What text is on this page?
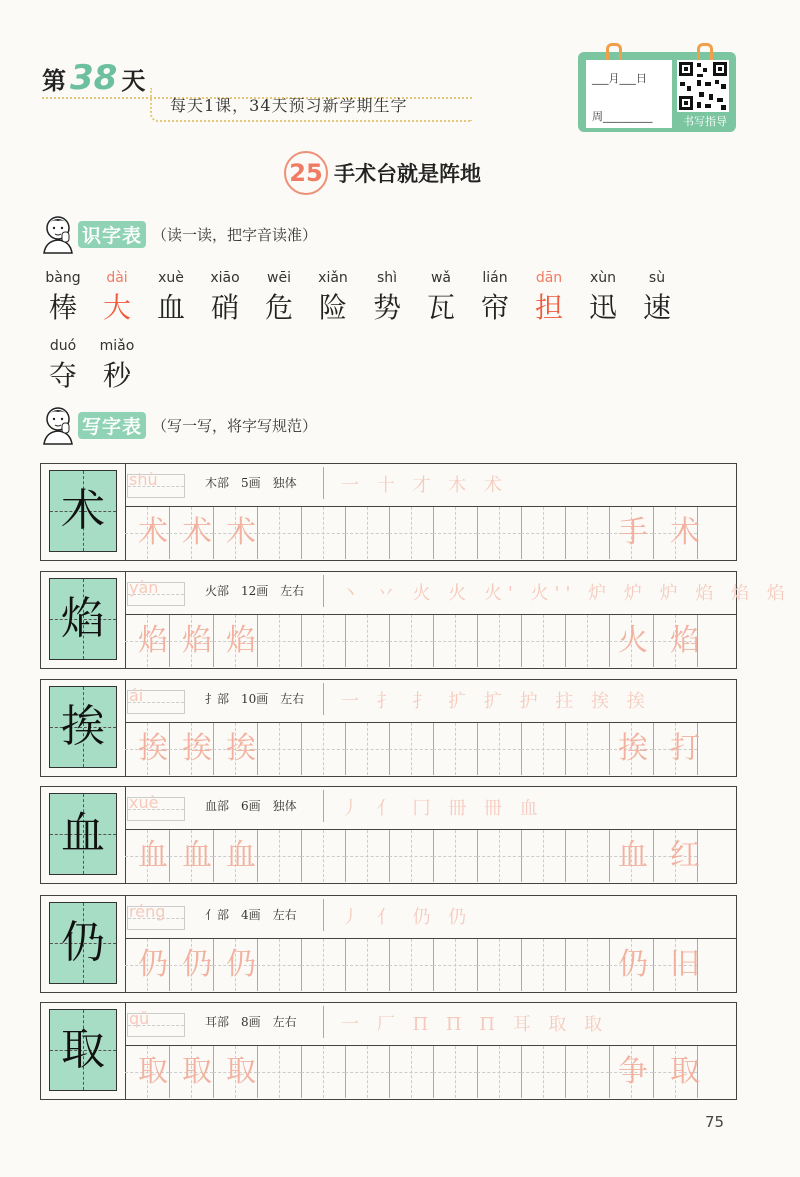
第 38 天
每天1课，34天预习新学期生字
___月___日
周_________	书写指导
25 手术台就是阵地
识字表 （读一读，把字音读准）
bàng
棒
dài
大
xuè
血
xiāo
硝
wēi
危
xiǎn
险
shì
势
wǎ
瓦
lián
帘
dān
担
xùn
迅
sù
速
duó
夺
miǎo
秒
写字表 （写一写，将字写规范）
术
shù	木部 5画 独体	一 十 才 木 术
术 术 术	手 术
焰
yàn	火部 12画 左右	丶 丷 火 火 火' 火'' 炉 炉 炉 焰 焰 焰
焰 焰 焰	火 焰
挨
ái	扌部 10画 左右	一 扌 扌 扩 扩 护 拄 挨 挨
挨 挨 挨	挨 打
血
xuè	血部 6画 独体	丿 亻 冂 冊 冊 血
血 血 血	血 红
仍
réng	亻部 4画 左右	丿 亻 仍 仍
仍 仍 仍	仍 旧
取
qǔ	耳部 8画 左右	一 厂 Π Π Π 耳 取 取
取 取 取	争 取
75
